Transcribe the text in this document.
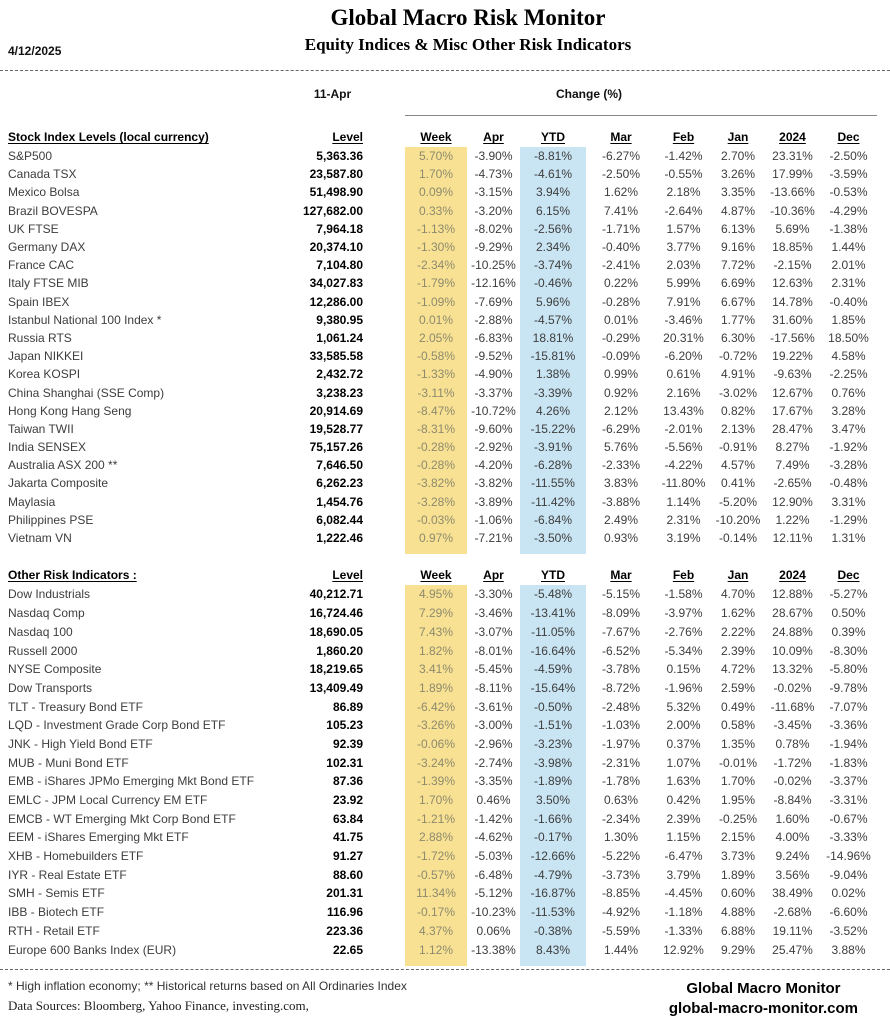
4/12/2025
Global Macro Risk Monitor
Equity Indices & Misc Other Risk Indicators
	11-Apr		Change (%)							

Stock Index Levels (local currency)	Level		Week	Apr	YTD	Mar	Feb	Jan	2024	Dec
S&P500	5,363.36		5.70%	-3.90%	-8.81%	-6.27%	-1.42%	2.70%	23.31%	-2.50%
Canada TSX	23,587.80		1.70%	-4.73%	-4.61%	-2.50%	-0.55%	3.26%	17.99%	-3.59%
Mexico Bolsa	51,498.90		0.09%	-3.15%	3.94%	1.62%	2.18%	3.35%	-13.66%	-0.53%
Brazil BOVESPA	127,682.00		0.33%	-3.20%	6.15%	7.41%	-2.64%	4.87%	-10.36%	-4.29%
UK FTSE	7,964.18		-1.13%	-8.02%	-2.56%	-1.71%	1.57%	6.13%	5.69%	-1.38%
Germany DAX	20,374.10		-1.30%	-9.29%	2.34%	-0.40%	3.77%	9.16%	18.85%	1.44%
France CAC	7,104.80		-2.34%	-10.25%	-3.74%	-2.41%	2.03%	7.72%	-2.15%	2.01%
Italy FTSE MIB	34,027.83		-1.79%	-12.16%	-0.46%	0.22%	5.99%	6.69%	12.63%	2.31%
Spain IBEX	12,286.00		-1.09%	-7.69%	5.96%	-0.28%	7.91%	6.67%	14.78%	-0.40%
Istanbul National 100 Index *	9,380.95		0.01%	-2.88%	-4.57%	0.01%	-3.46%	1.77%	31.60%	1.85%
Russia RTS	1,061.24		2.05%	-6.83%	18.81%	-0.29%	20.31%	6.30%	-17.56%	18.50%
Japan NIKKEI	33,585.58		-0.58%	-9.52%	-15.81%	-0.09%	-6.20%	-0.72%	19.22%	4.58%
Korea KOSPI	2,432.72		-1.33%	-4.90%	1.38%	0.99%	0.61%	4.91%	-9.63%	-2.25%
China Shanghai (SSE Comp)	3,238.23		-3.11%	-3.37%	-3.39%	0.92%	2.16%	-3.02%	12.67%	0.76%
Hong Kong Hang Seng	20,914.69		-8.47%	-10.72%	4.26%	2.12%	13.43%	0.82%	17.67%	3.28%
Taiwan TWII	19,528.77		-8.31%	-9.60%	-15.22%	-6.29%	-2.01%	2.13%	28.47%	3.47%
India SENSEX	75,157.26		-0.28%	-2.92%	-3.91%	5.76%	-5.56%	-0.91%	8.27%	-1.92%
Australia ASX 200 **	7,646.50		-0.28%	-4.20%	-6.28%	-2.33%	-4.22%	4.57%	7.49%	-3.28%
Jakarta Composite	6,262.23		-3.82%	-3.82%	-11.55%	3.83%	-11.80%	0.41%	-2.65%	-0.48%
Maylasia	1,454.76		-3.28%	-3.89%	-11.42%	-3.88%	1.14%	-5.20%	12.90%	3.31%
Philippines PSE	6,082.44		-0.03%	-1.06%	-6.84%	2.49%	2.31%	-10.20%	1.22%	-1.29%
Vietnam VN	1,222.46		0.97%	-7.21%	-3.50%	0.93%	3.19%	-0.14%	12.11%	1.31%

Other Risk Indicators :	Level		Week	Apr	YTD	Mar	Feb	Jan	2024	Dec
Dow Industrials	40,212.71		4.95%	-3.30%	-5.48%	-5.15%	-1.58%	4.70%	12.88%	-5.27%
Nasdaq Comp	16,724.46		7.29%	-3.46%	-13.41%	-8.09%	-3.97%	1.62%	28.67%	0.50%
Nasdaq 100	18,690.05		7.43%	-3.07%	-11.05%	-7.67%	-2.76%	2.22%	24.88%	0.39%
Russell 2000	1,860.20		1.82%	-8.01%	-16.64%	-6.52%	-5.34%	2.39%	10.09%	-8.30%
NYSE Composite	18,219.65		3.41%	-5.45%	-4.59%	-3.78%	0.15%	4.72%	13.32%	-5.80%
Dow Transports	13,409.49		1.89%	-8.11%	-15.64%	-8.72%	-1.96%	2.59%	-0.02%	-9.78%
TLT - Treasury Bond ETF	86.89		-6.42%	-3.61%	-0.50%	-2.48%	5.32%	0.49%	-11.68%	-7.07%
LQD - Investment Grade Corp Bond ETF	105.23		-3.26%	-3.00%	-1.51%	-1.03%	2.00%	0.58%	-3.45%	-3.36%
JNK - High Yield Bond ETF	92.39		-0.06%	-2.96%	-3.23%	-1.97%	0.37%	1.35%	0.78%	-1.94%
MUB - Muni Bond ETF	102.31		-3.24%	-2.74%	-3.98%	-2.31%	1.07%	-0.01%	-1.72%	-1.83%
EMB - iShares JPMo Emerging Mkt Bond ETF	87.36		-1.39%	-3.35%	-1.89%	-1.78%	1.63%	1.70%	-0.02%	-3.37%
EMLC - JPM Local Currency EM ETF	23.92		1.70%	0.46%	3.50%	0.63%	0.42%	1.95%	-8.84%	-3.31%
EMCB - WT Emerging Mkt Corp Bond ETF	63.84		-1.21%	-1.42%	-1.66%	-2.34%	2.39%	-0.25%	1.60%	-0.67%
EEM - iShares Emerging Mkt ETF	41.75		2.88%	-4.62%	-0.17%	1.30%	1.15%	2.15%	4.00%	-3.33%
XHB - Homebuilders ETF	91.27		-1.72%	-5.03%	-12.66%	-5.22%	-6.47%	3.73%	9.24%	-14.96%
IYR - Real Estate ETF	88.60		-0.57%	-6.48%	-4.79%	-3.73%	3.79%	1.89%	3.56%	-9.04%
SMH - Semis ETF	201.31		11.34%	-5.12%	-16.87%	-8.85%	-4.45%	0.60%	38.49%	0.02%
IBB - Biotech ETF	116.96		-0.17%	-10.23%	-11.53%	-4.92%	-1.18%	4.88%	-2.68%	-6.60%
RTH - Retail ETF	223.36		4.37%	0.06%	-0.38%	-5.59%	-1.33%	6.88%	19.11%	-3.52%
Europe 600 Banks Index (EUR)	22.65		1.12%	-13.38%	8.43%	1.44%	12.92%	9.29%	25.47%	3.88%

* High inflation economy; ** Historical returns based on All Ordinaries Index
Data Sources: Bloomberg, Yahoo Finance, investing.com,
Global Macro Monitor
global-macro-monitor.com
